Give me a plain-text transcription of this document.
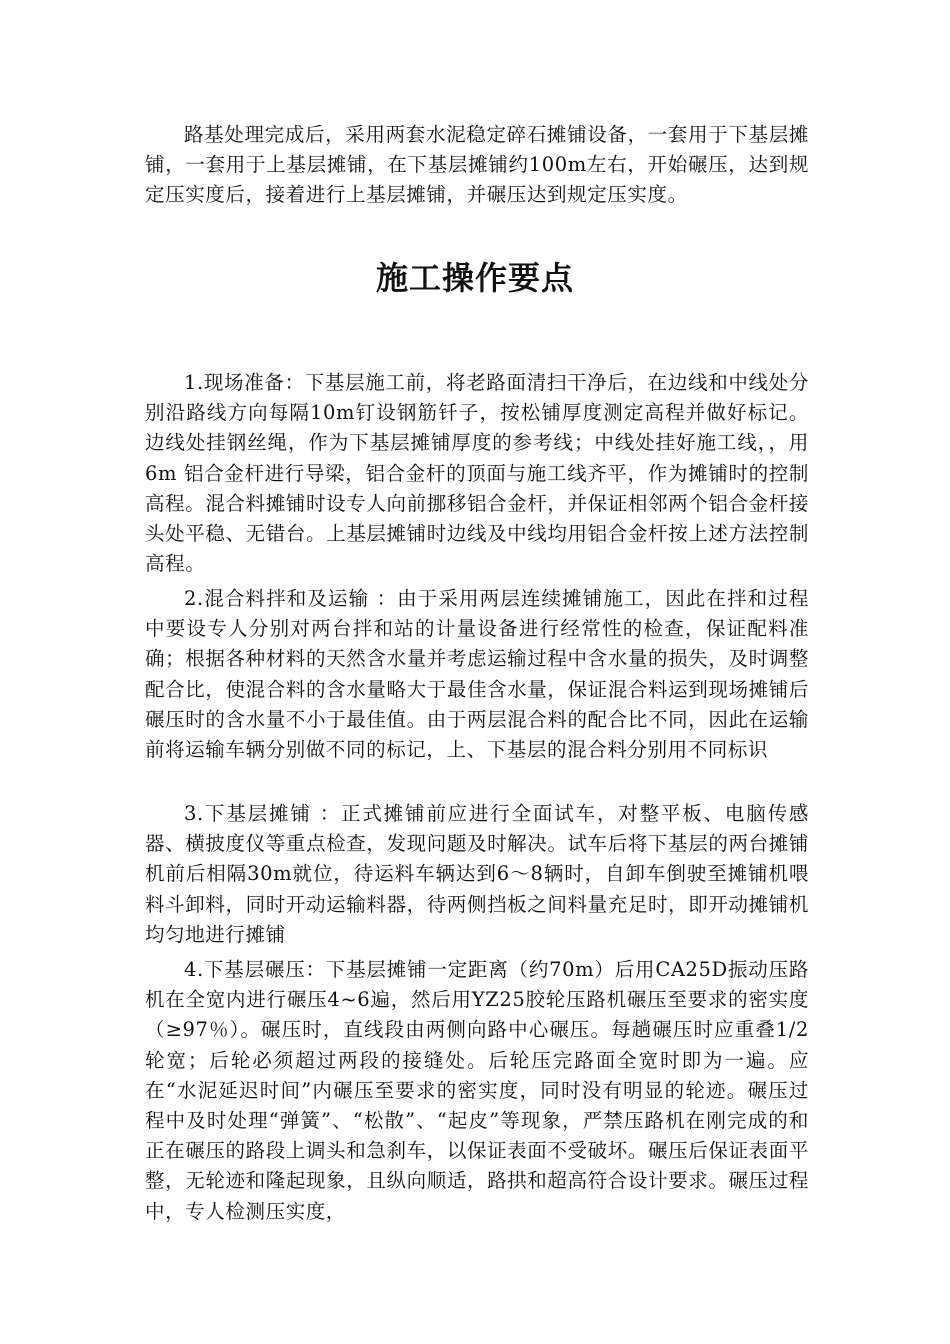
路基处理完成后，采用两套水泥稳定碎石摊铺设备，一套用于下基层摊铺，一套用于上基层摊铺，在下基层摊铺约100m左右，开始碾压，达到规定压实度后，接着进行上基层摊铺，并碾压达到规定压实度。

施工操作要点

1.现场准备：下基层施工前，将老路面清扫干净后，在边线和中线处分别沿路线方向每隔10m钉设钢筋钎子，按松铺厚度测定高程并做好标记。边线处挂钢丝绳，作为下基层摊铺厚度的参考线；中线处挂好施工线，，用6m 铝合金杆进行导梁，铝合金杆的顶面与施工线齐平，作为摊铺时的控制高程。混合料摊铺时设专人向前挪移铝合金杆，并保证相邻两个铝合金杆接头处平稳、无错台。上基层摊铺时边线及中线均用铝合金杆按上述方法控制高程。

2.混合料拌和及运输 ：由于采用两层连续摊铺施工，因此在拌和过程中要设专人分别对两台拌和站的计量设备进行经常性的检查，保证配料准确；根据各种材料的天然含水量并考虑运输过程中含水量的损失，及时调整配合比，使混合料的含水量略大于最佳含水量，保证混合料运到现场摊铺后碾压时的含水量不小于最佳值。由于两层混合料的配合比不同，因此在运输前将运输车辆分别做不同的标记，上、下基层的混合料分别用不同标识

3.下基层摊铺 ：正式摊铺前应进行全面试车，对整平板、电脑传感器、横披度仪等重点检查，发现问题及时解决。试车后将下基层的两台摊铺机前后相隔30m就位，待运料车辆达到6～8辆时，自卸车倒驶至摊铺机喂料斗卸料，同时开动运输料器，待两侧挡板之间料量充足时，即开动摊铺机均匀地进行摊铺

4.下基层碾压：下基层摊铺一定距离（约70m）后用CA25D振动压路机在全宽内进行碾压4~6遍，然后用YZ25胶轮压路机碾压至要求的密实度（≥97％）。碾压时，直线段由两侧向路中心碾压。每趟碾压时应重叠1/2轮宽；后轮必须超过两段的接缝处。后轮压完路面全宽时即为一遍。应在“水泥延迟时间”内碾压至要求的密实度，同时没有明显的轮迹。碾压过程中及时处理“弹簧”、“松散”、“起皮”等现象，严禁压路机在刚完成的和正在碾压的路段上调头和急刹车，以保证表面不受破坏。碾压后保证表面平整，无轮迹和隆起现象，且纵向顺适，路拱和超高符合设计要求。碾压过程中，专人检测压实度，
